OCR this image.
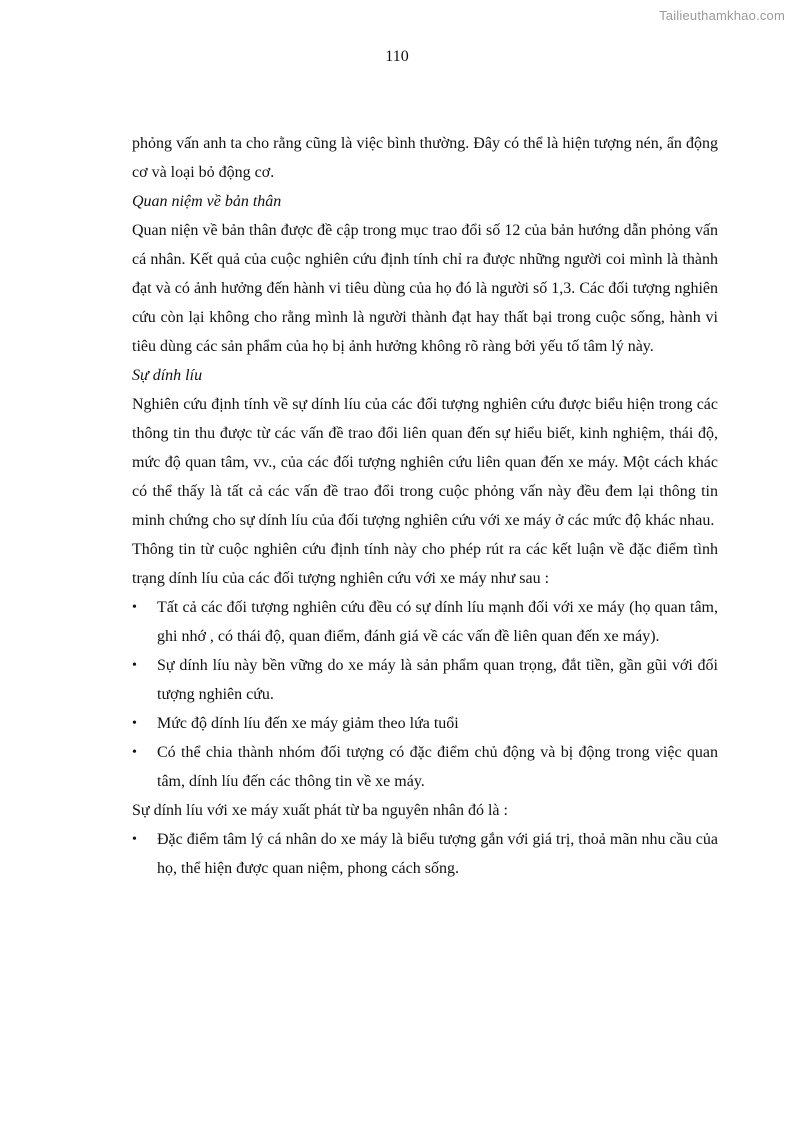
Tailieuthamkhao.com
110

phỏng vấn anh ta cho rằng cũng là việc bình thường. Đây có thể là hiện tượng nén, ẩn động cơ và loại bỏ động cơ.

Quan niệm về bản thân

Quan niện về bản thân được đề cập trong mục trao đổi số 12 của bản hướng dẫn phỏng vấn cá nhân. Kết quả của cuộc nghiên cứu định tính chỉ ra được những người coi mình là thành đạt và có ảnh hưởng đến hành vi tiêu dùng của họ đó là người số 1,3. Các đối tượng nghiên cứu còn lại không cho rằng mình là người thành đạt hay thất bại trong cuộc sống, hành vi tiêu dùng các sản phẩm của họ bị ảnh hưởng không rõ ràng bởi yếu tố tâm lý này.

Sự dính líu

Nghiên cứu định tính về sự dính líu của các đối tượng nghiên cứu được biểu hiện trong các thông tin thu được từ các vấn đề trao đổi liên quan đến sự hiểu biết, kinh nghiệm, thái độ, mức độ quan tâm, vv., của các đối tượng nghiên cứu liên quan đến xe máy. Một cách khác có thể thấy là tất cả các vấn đề trao đổi trong cuộc phỏng vấn này đều đem lại thông tin minh chứng cho sự dính líu của đối tượng nghiên cứu với xe máy ở các mức độ khác nhau.

Thông tin từ cuộc nghiên cứu định tính này cho phép rút ra các kết luận về đặc điểm tình trạng dính líu của các đối tượng nghiên cứu với xe máy như sau :

• Tất cả các đối tượng nghiên cứu đều có sự dính líu mạnh đối với xe máy (họ quan tâm, ghi nhớ , có thái độ, quan điểm, đánh giá về các vấn đề liên quan đến xe máy).
• Sự dính líu này bền vững do xe máy là sản phẩm quan trọng, đắt tiền, gần gũi với đối tượng nghiên cứu.
• Mức độ dính líu đến xe máy giảm theo lứa tuổi
• Có thể chia thành nhóm đối tượng có đặc điểm chủ động và bị động trong việc quan tâm, dính líu đến các thông tin về xe máy.

Sự dính líu với xe máy xuất phát từ ba nguyên nhân đó là :

• Đặc điểm tâm lý cá nhân do xe máy là biểu tượng gắn với giá trị, thoả mãn nhu cầu của họ, thể hiện được quan niệm, phong cách sống.
